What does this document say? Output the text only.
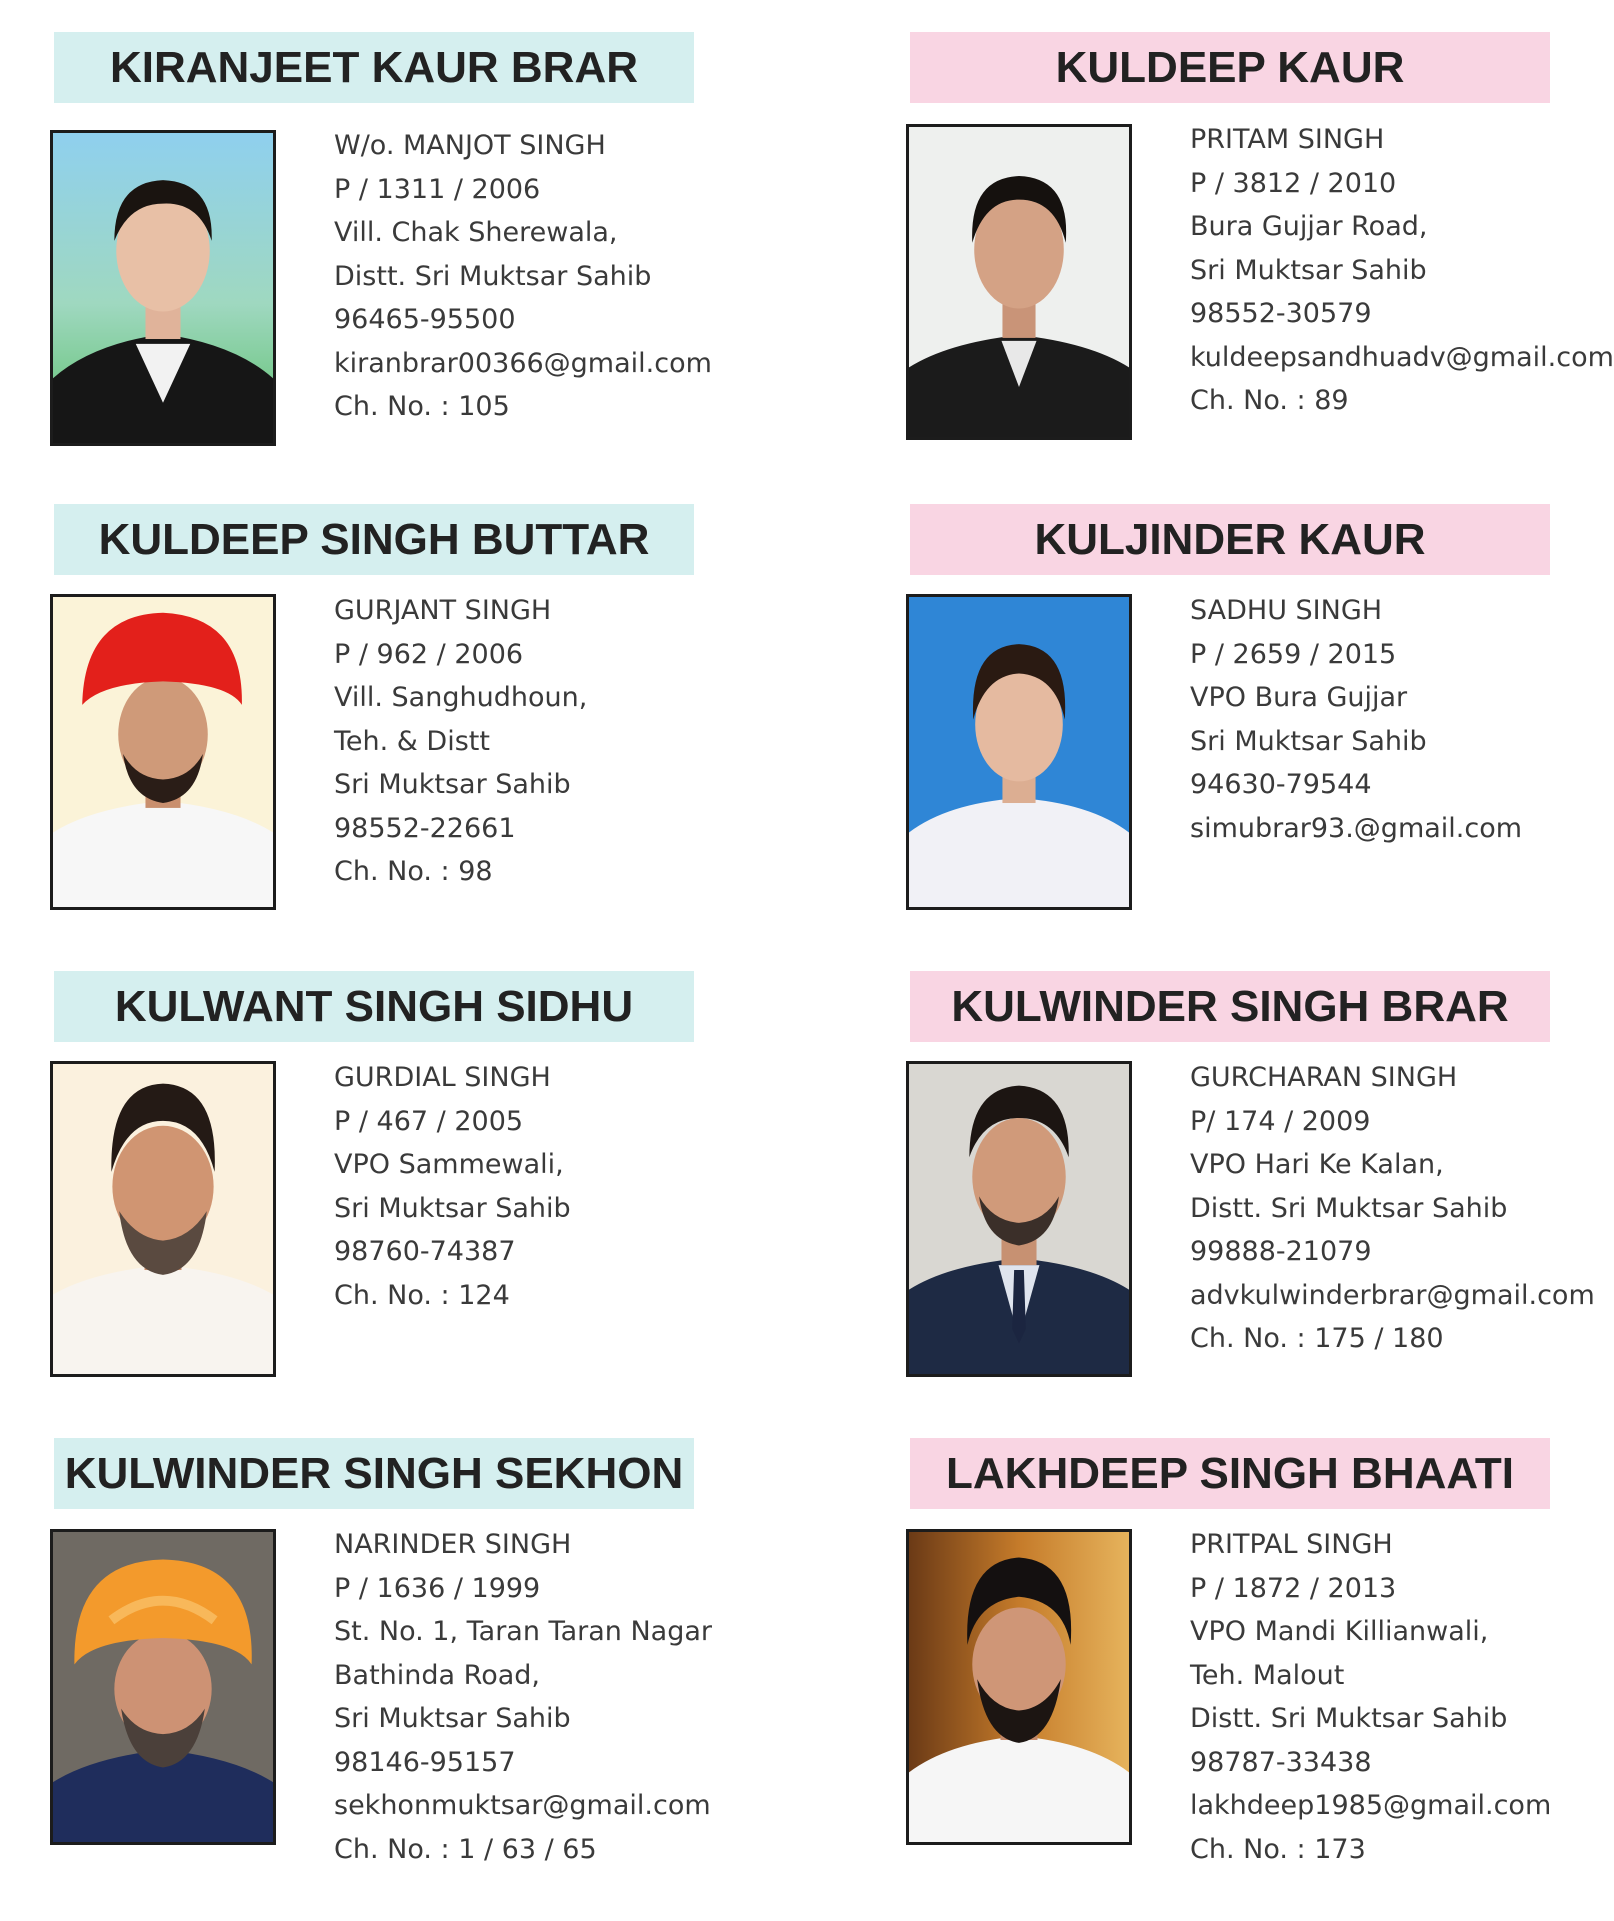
KIRANJEET KAUR BRAR
W/o. MANJOT SINGH
P / 1311 / 2006
Vill. Chak Sherewala,
Distt. Sri Muktsar Sahib
96465-95500
kiranbrar00366@gmail.com
Ch. No. : 105
KULDEEP KAUR
PRITAM SINGH
P / 3812 / 2010
Bura Gujjar Road,
Sri Muktsar Sahib
98552-30579
kuldeepsandhuadv@gmail.com
Ch. No. : 89
KULDEEP SINGH BUTTAR
GURJANT SINGH
P / 962 / 2006
Vill. Sanghudhoun,
Teh. & Distt
Sri Muktsar Sahib
98552-22661
Ch. No. : 98
KULJINDER KAUR
SADHU SINGH
P / 2659 / 2015
VPO Bura Gujjar
Sri Muktsar Sahib
94630-79544
simubrar93.@gmail.com
KULWANT SINGH SIDHU
GURDIAL SINGH
P / 467 / 2005
VPO Sammewali,
Sri Muktsar Sahib
98760-74387
Ch. No. : 124
KULWINDER SINGH BRAR
GURCHARAN SINGH
P/ 174 / 2009
VPO Hari Ke Kalan,
Distt. Sri Muktsar Sahib
99888-21079
advkulwinderbrar@gmail.com
Ch. No. : 175 / 180
KULWINDER SINGH SEKHON
NARINDER SINGH
P / 1636 / 1999
St. No. 1, Taran Taran Nagar
Bathinda Road,
Sri Muktsar Sahib
98146-95157
sekhonmuktsar@gmail.com
Ch. No. : 1 / 63 / 65
LAKHDEEP SINGH BHAATI
PRITPAL SINGH
P / 1872 / 2013
VPO Mandi Killianwali,
Teh. Malout
Distt. Sri Muktsar Sahib
98787-33438
lakhdeep1985@gmail.com
Ch. No. : 173
